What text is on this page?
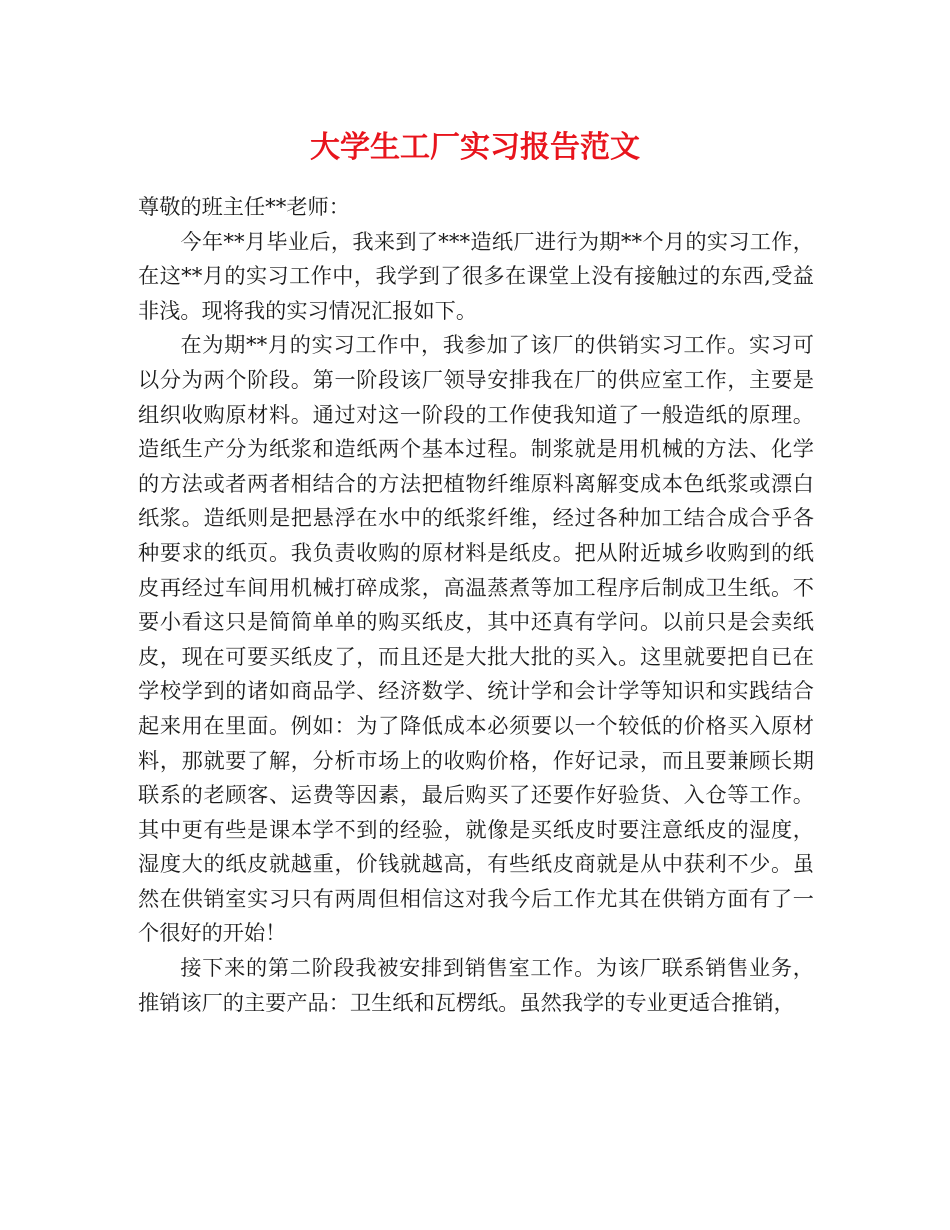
大学生工厂实习报告范文

尊敬的班主任**老师：

今年**月毕业后，我来到了***造纸厂进行为期**个月的实习工作，在这**月的实习工作中，我学到了很多在课堂上没有接触过的东西,受益非浅。现将我的实习情况汇报如下。

在为期**月的实习工作中，我参加了该厂的供销实习工作。实习可以分为两个阶段。第一阶段该厂领导安排我在厂的供应室工作，主要是组织收购原材料。通过对这一阶段的工作使我知道了一般造纸的原理。造纸生产分为纸浆和造纸两个基本过程。制浆就是用机械的方法、化学的方法或者两者相结合的方法把植物纤维原料离解变成本色纸浆或漂白纸浆。造纸则是把悬浮在水中的纸浆纤维，经过各种加工结合成合乎各种要求的纸页。我负责收购的原材料是纸皮。把从附近城乡收购到的纸皮再经过车间用机械打碎成浆，高温蒸煮等加工程序后制成卫生纸。不要小看这只是简简单单的购买纸皮，其中还真有学问。以前只是会卖纸皮，现在可要买纸皮了，而且还是大批大批的买入。这里就要把自已在学校学到的诸如商品学、经济数学、统计学和会计学等知识和实践结合起来用在里面。例如：为了降低成本必须要以一个较低的价格买入原材料，那就要了解，分析市场上的收购价格，作好记录，而且要兼顾长期联系的老顾客、运费等因素，最后购买了还要作好验货、入仓等工作。其中更有些是课本学不到的经验，就像是买纸皮时要注意纸皮的湿度，湿度大的纸皮就越重，价钱就越高，有些纸皮商就是从中获利不少。虽然在供销室实习只有两周但相信这对我今后工作尤其在供销方面有了一个很好的开始！

接下来的第二阶段我被安排到销售室工作。为该厂联系销售业务，推销该厂的主要产品：卫生纸和瓦楞纸。虽然我学的专业更适合推销，
